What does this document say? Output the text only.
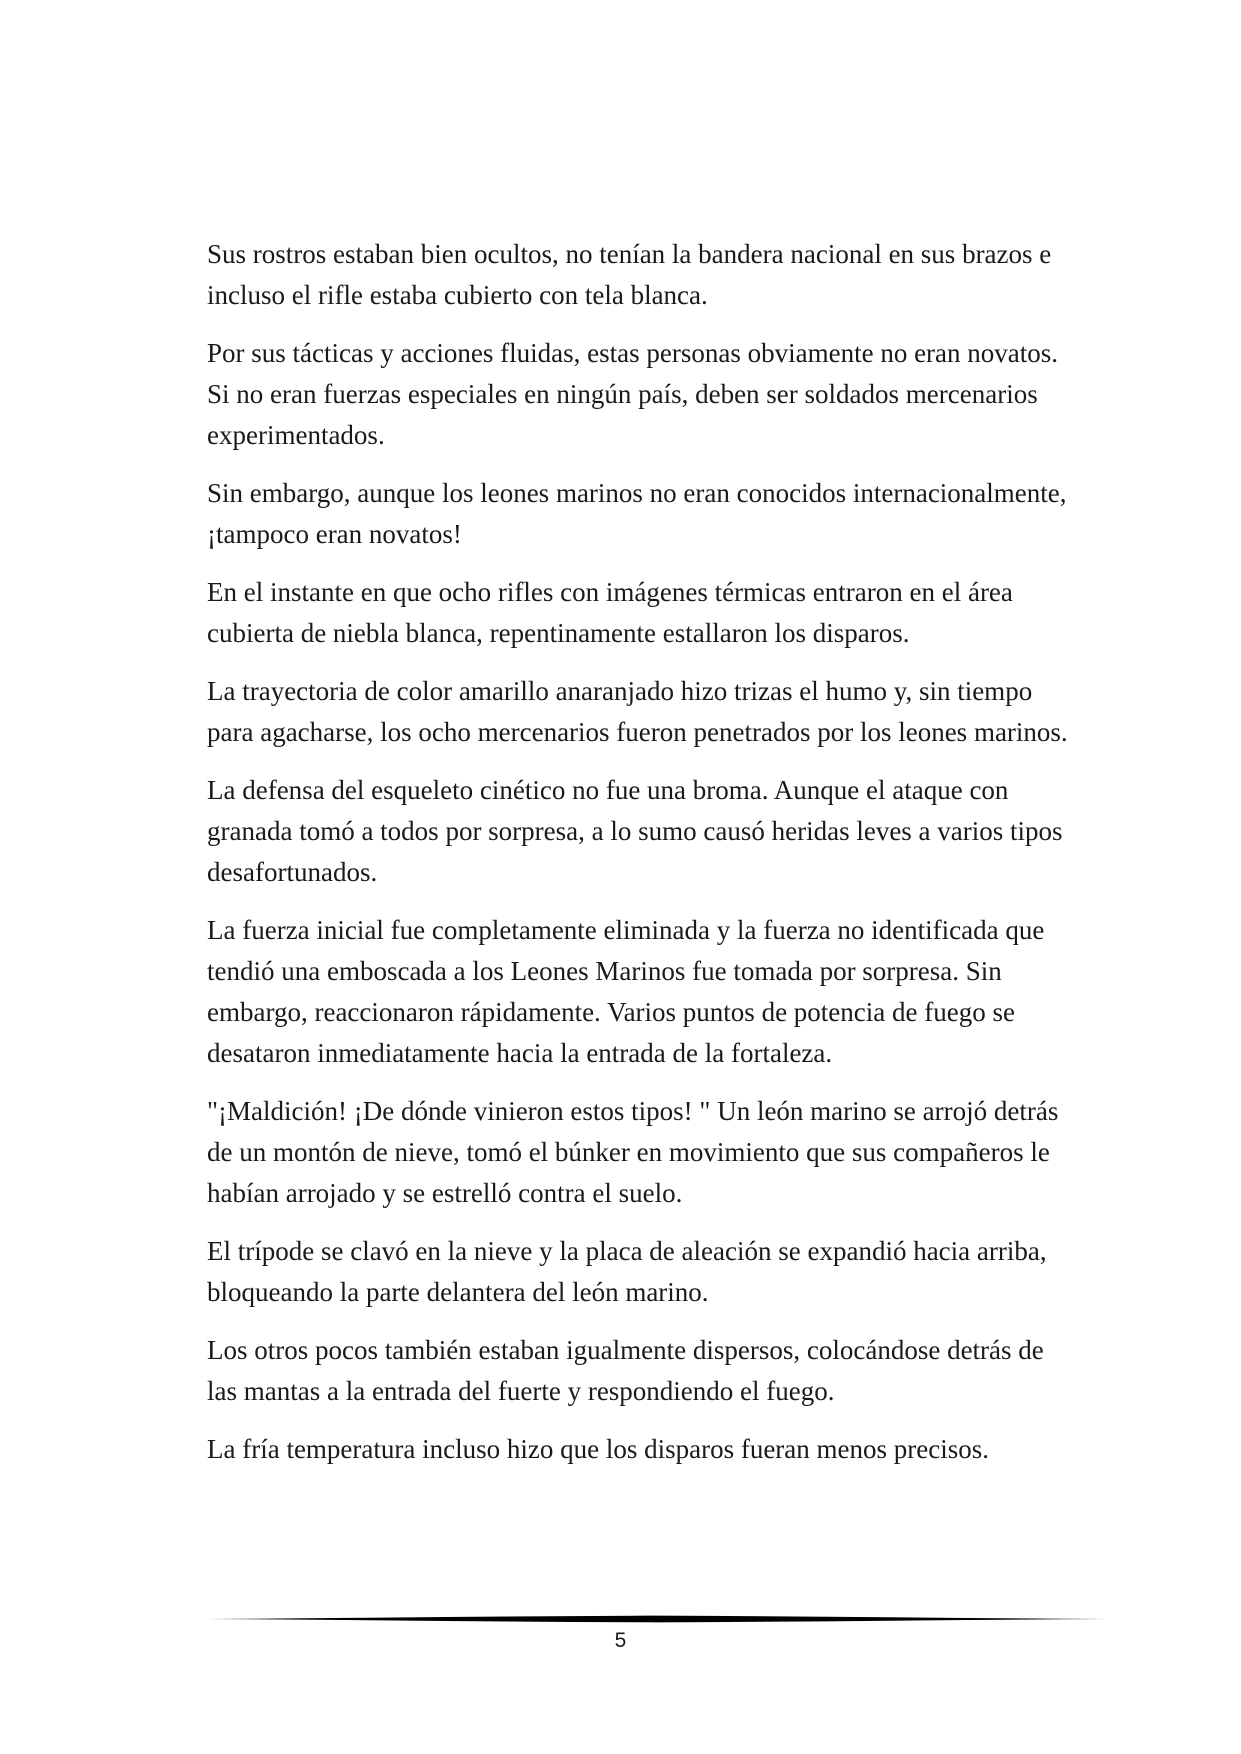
Sus rostros estaban bien ocultos, no tenían la bandera nacional en sus brazos e incluso el rifle estaba cubierto con tela blanca.

Por sus tácticas y acciones fluidas, estas personas obviamente no eran novatos. Si no eran fuerzas especiales en ningún país, deben ser soldados mercenarios experimentados.

Sin embargo, aunque los leones marinos no eran conocidos internacionalmente, ¡tampoco eran novatos!

En el instante en que ocho rifles con imágenes térmicas entraron en el área cubierta de niebla blanca, repentinamente estallaron los disparos.

La trayectoria de color amarillo anaranjado hizo trizas el humo y, sin tiempo para agacharse, los ocho mercenarios fueron penetrados por los leones marinos.

La defensa del esqueleto cinético no fue una broma. Aunque el ataque con granada tomó a todos por sorpresa, a lo sumo causó heridas leves a varios tipos desafortunados.

La fuerza inicial fue completamente eliminada y la fuerza no identificada que tendió una emboscada a los Leones Marinos fue tomada por sorpresa. Sin embargo, reaccionaron rápidamente. Varios puntos de potencia de fuego se desataron inmediatamente hacia la entrada de la fortaleza.

"¡Maldición! ¡De dónde vinieron estos tipos! " Un león marino se arrojó detrás de un montón de nieve, tomó el búnker en movimiento que sus compañeros le habían arrojado y se estrelló contra el suelo.

El trípode se clavó en la nieve y la placa de aleación se expandió hacia arriba, bloqueando la parte delantera del león marino.

Los otros pocos también estaban igualmente dispersos, colocándose detrás de las mantas a la entrada del fuerte y respondiendo el fuego.

La fría temperatura incluso hizo que los disparos fueran menos precisos.

5
